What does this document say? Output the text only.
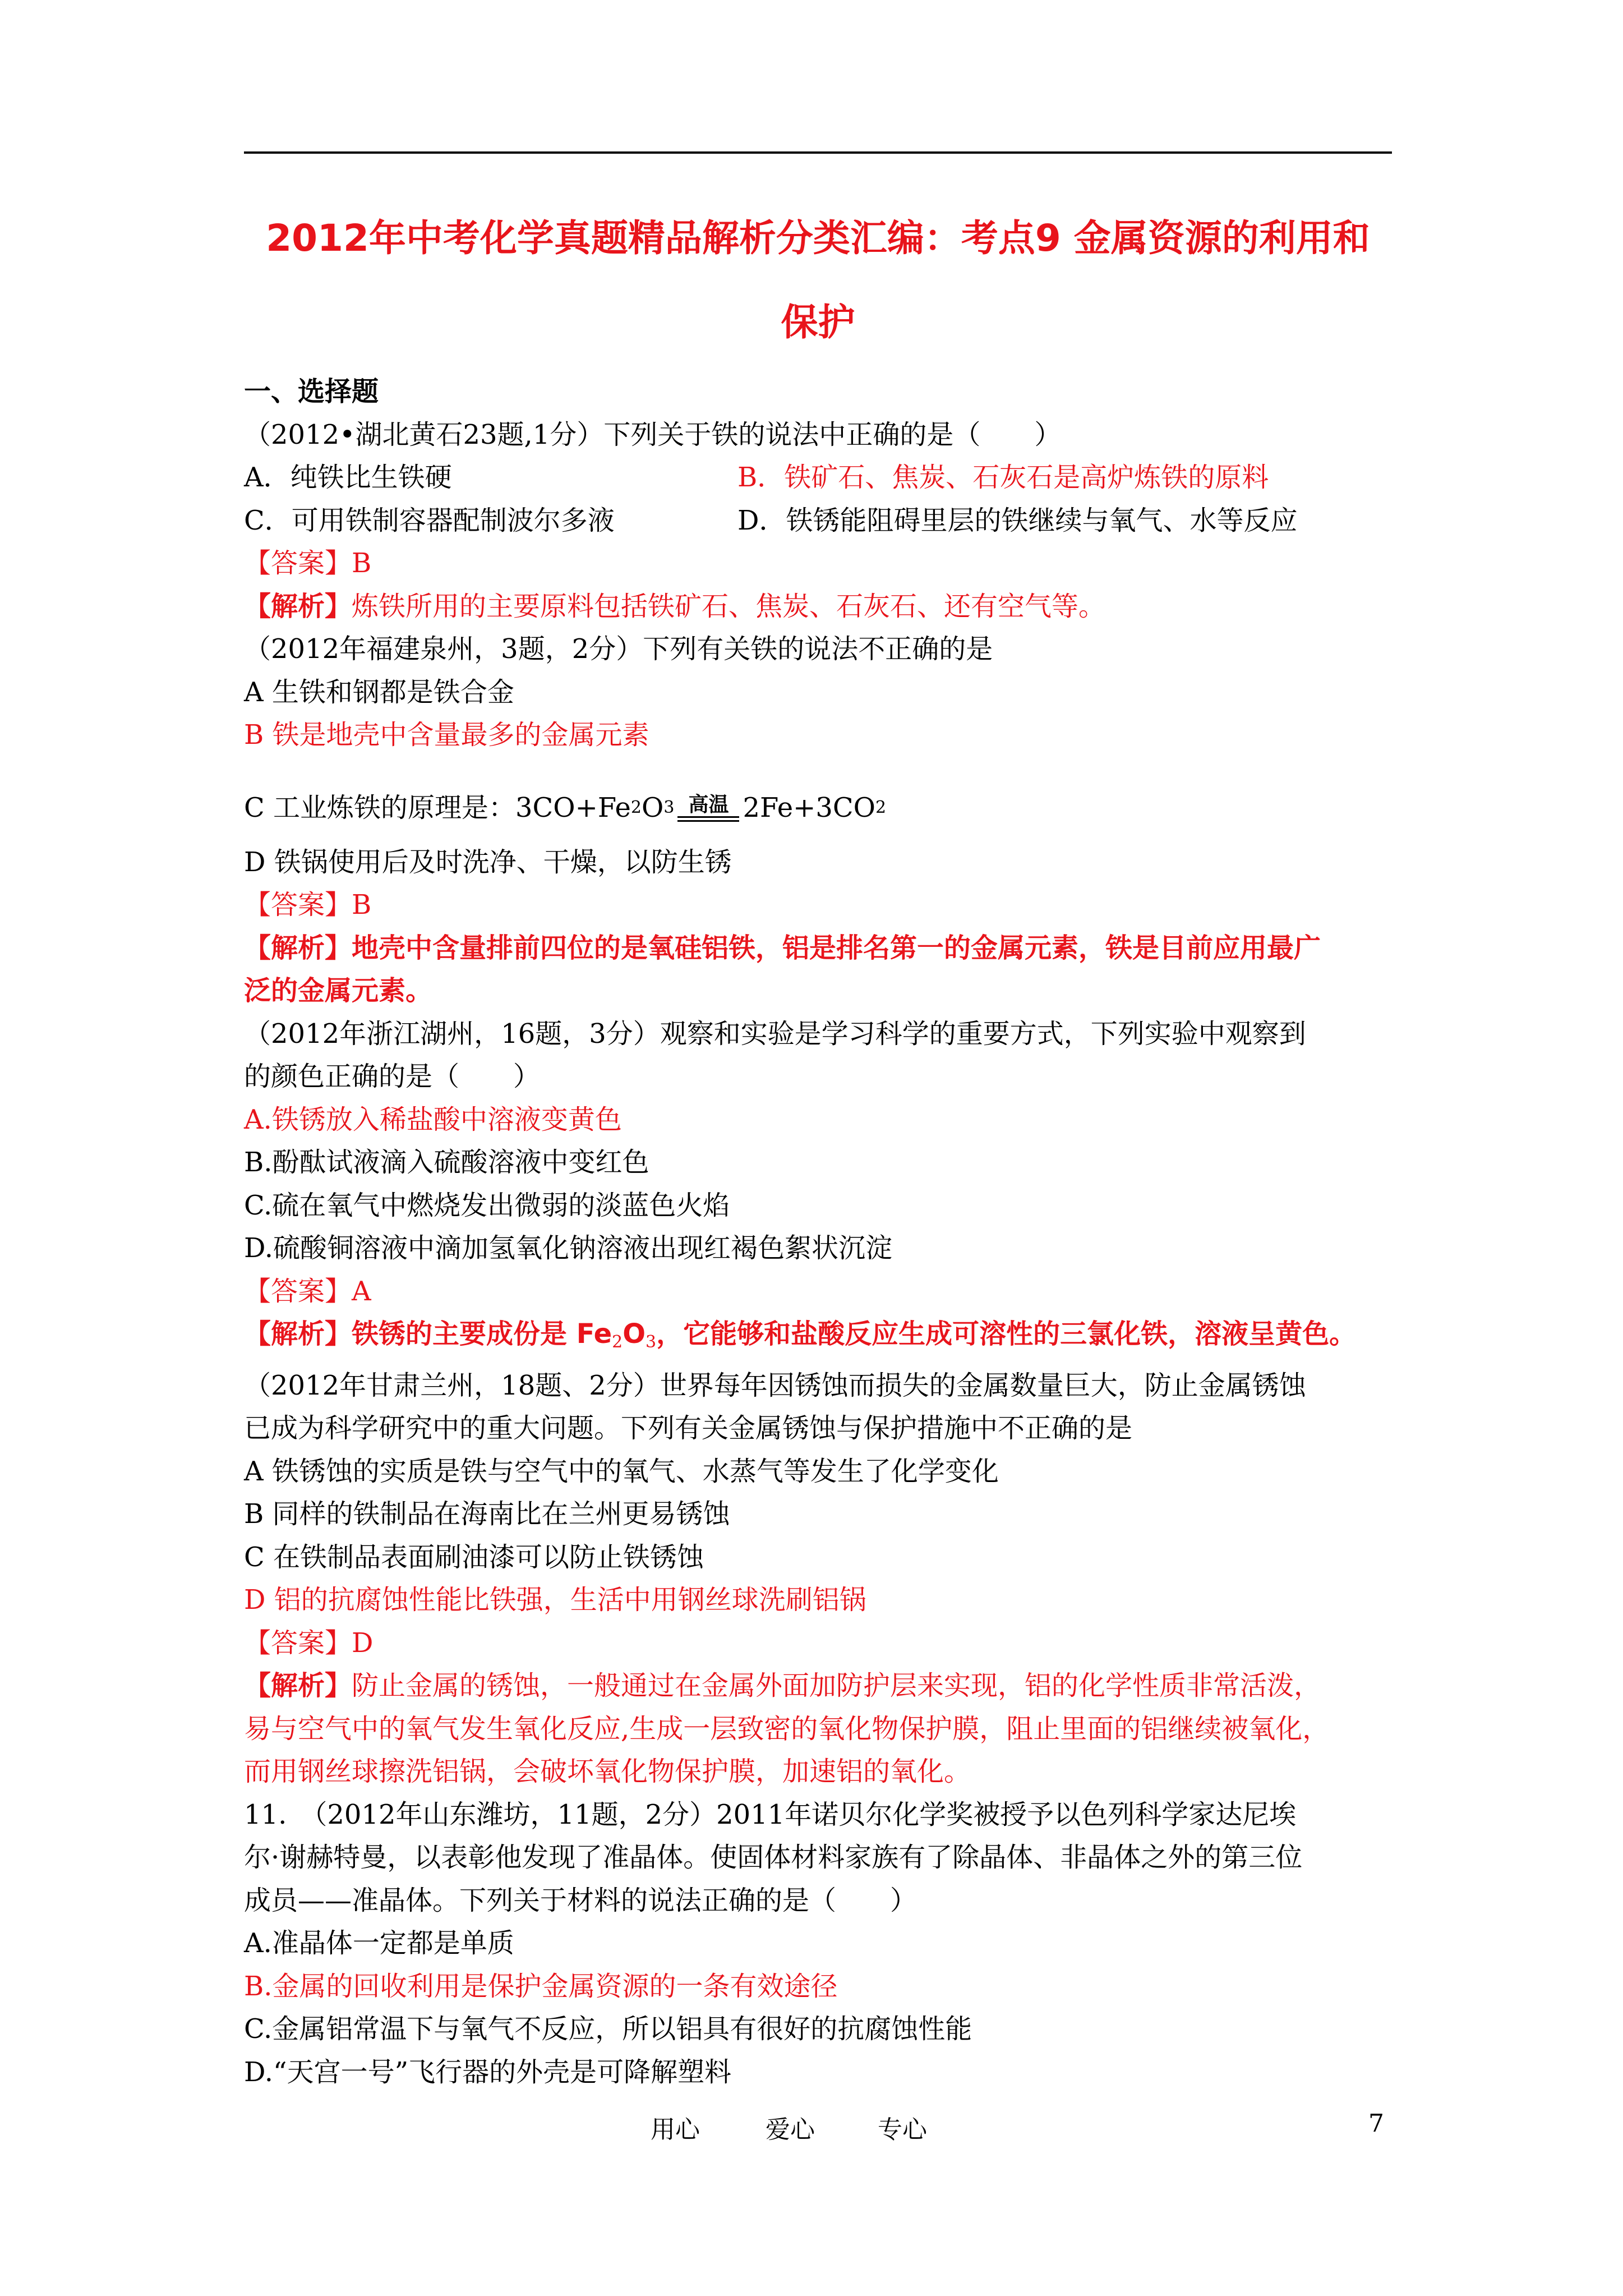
2012年中考化学真题精品解析分类汇编：考点9 金属资源的利用和
保护
一、选择题
（2012•湖北黄石23题,1分）下列关于铁的说法中正确的是（　　）
A．纯铁比生铁硬	B．铁矿石、焦炭、石灰石是高炉炼铁的原料
C．可用铁制容器配制波尔多液	D．铁锈能阻碍里层的铁继续与氧气、水等反应
【答案】B
【解析】炼铁所用的主要原料包括铁矿石、焦炭、石灰石、还有空气等。
（2012年福建泉州，3题，2分）下列有关铁的说法不正确的是
A 生铁和钢都是铁合金
B 铁是地壳中含量最多的金属元素
C 工业炼铁的原理是： 3CO+Fe 2 O 3 高温 2Fe+3CO 2
D 铁锅使用后及时洗净、干燥，以防生锈
【答案】B
【解析】地壳中含量排前四位的是氧硅铝铁，铝是排名第一的金属元素，铁是目前应用最广
泛的金属元素。
（2012年浙江湖州，16题，3分）观察和实验是学习科学的重要方式，下列实验中观察到
的颜色正确的是（　　）
A.铁锈放入稀盐酸中溶液变黄色
B.酚酞试液滴入硫酸溶液中变红色
C.硫在氧气中燃烧发出微弱的淡蓝色火焰
D.硫酸铜溶液中滴加氢氧化钠溶液出现红褐色絮状沉淀
【答案】A
【解析】铁锈的主要成份是 $Fe_2O_3$，它能够和盐酸反应生成可溶性的三氯化铁，溶液呈黄色。
（2012年甘肃兰州，18题、2分）世界每年因锈蚀而损失的金属数量巨大，防止金属锈蚀
已成为科学研究中的重大问题。下列有关金属锈蚀与保护措施中不正确的是
A 铁锈蚀的实质是铁与空气中的氧气、水蒸气等发生了化学变化
B 同样的铁制品在海南比在兰州更易锈蚀
C 在铁制品表面刷油漆可以防止铁锈蚀
D 铝的抗腐蚀性能比铁强，生活中用钢丝球洗刷铝锅
【答案】D
【解析】防止金属的锈蚀，一般通过在金属外面加防护层来实现，铝的化学性质非常活泼，
易与空气中的氧气发生氧化反应,生成一层致密的氧化物保护膜，阻止里面的铝继续被氧化，
而用钢丝球擦洗铝锅，会破坏氧化物保护膜，加速铝的氧化。
11.　（2012年山东潍坊，11题，2分）2011年诺贝尔化学奖被授予以色列科学家达尼埃
尔·谢赫特曼，以表彰他发现了准晶体。使固体材料家族有了除晶体、非晶体之外的第三位
成员——准晶体。下列关于材料的说法正确的是（　　）
A.准晶体一定都是单质
B.金属的回收利用是保护金属资源的一条有效途径
C.金属铝常温下与氧气不反应，所以铝具有很好的抗腐蚀性能
D.“天宫一号”飞行器的外壳是可降解塑料
用心	爱心	专心	7
